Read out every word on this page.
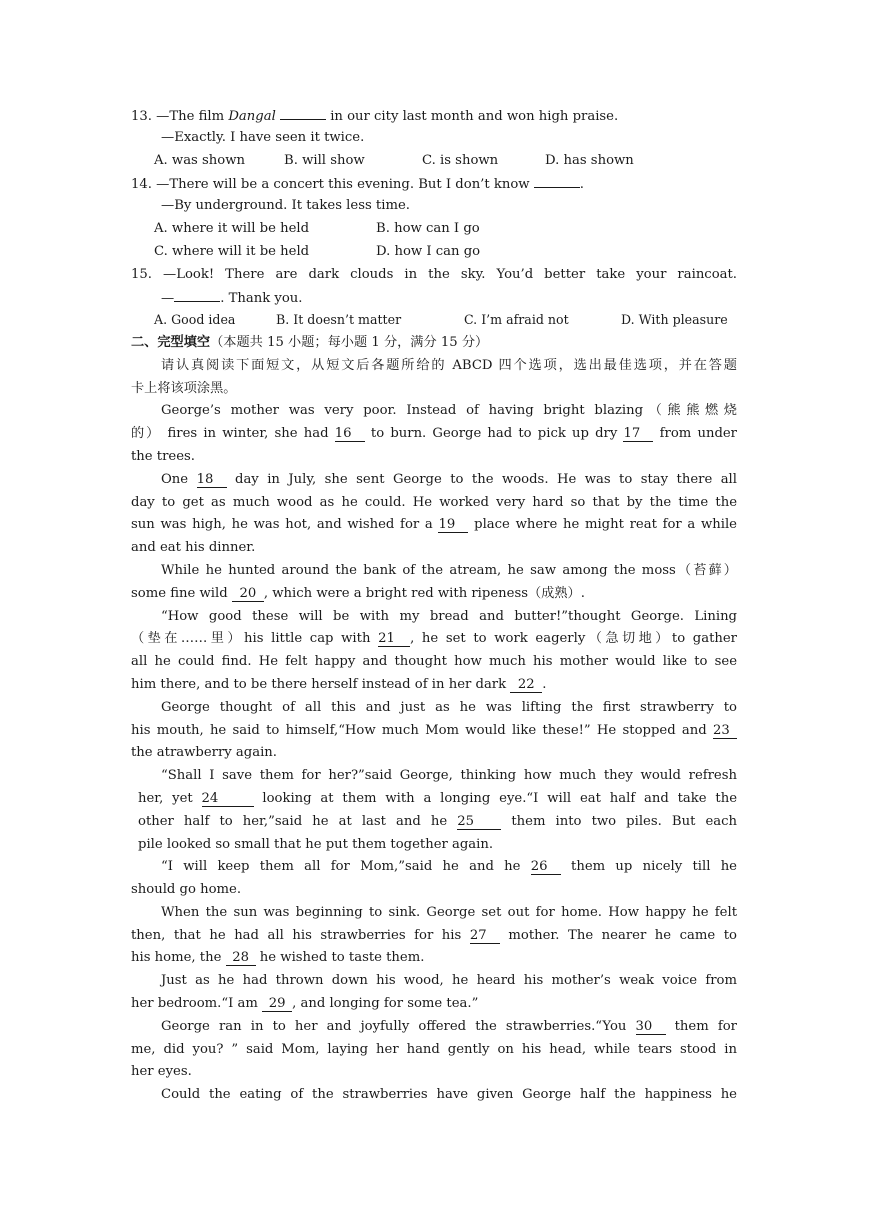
13. —The film Dangal	in our city last month and won high praise.
—Exactly. I have seen it twice.
A. was shown	B. will show	C. is shown	D. has shown
14. —There will be a concert this evening. But I don’t know	.
—By underground. It takes less time.
A. where it will be held	B. how can I go
C. where will it be held	D. how I can go
15. —Look! There are dark clouds in the sky. You’d better take your raincoat.
—	. Thank you.
A. Good idea	B. It doesn’t matter	C. I’m afraid not	D. With pleasure
二、完型填空（本题共 15 小题；每小题 1 分，满分 15 分）
请认真阅读下面短文，从短文后各题所给的 ABCD 四个选项，选出最佳选项，并在答题
卡上将该项涂黑。
George’s mother was very poor. Instead of having bright blazing（熊熊燃烧
的） fires in winter, she had 16 to burn. George had to pick up dry 17 from under
the trees.
One 18 day in July, she sent George to the woods. He was to stay there all
day to get as much wood as he could. He worked very hard so that by the time the
sun was high, he was hot, and wished for a 19 place where he might reat for a while
and eat his dinner.
While he hunted around the bank of the atream, he saw among the moss（苔藓）
some fine wild 20 , which were a bright red with ripeness（成熟）.
“How good these will be with my bread and butter!”thought George. Lining
（垫在……里）his little cap with 21 , he set to work eagerly（急切地）to gather
all he could find. He felt happy and thought how much his mother would like to see
him there, and to be there herself instead of in her dark 22 .
George thought of all this and just as he was lifting the first strawberry to
his mouth, he said to himself,“How much Mom would like these!” He stopped and 23
the atrawberry again.
“Shall I save them for her?”said George, thinking how much they would refresh
her, yet 24	looking at them with a longing eye.“I will eat half and take the
other half to her,”said he at last and he 25 them into two piles. But each
pile looked so small that he put them together again.
“I will keep them all for Mom,”said he and he 26 them up nicely till he
should go home.
When the sun was beginning to sink. George set out for home. How happy he felt
then, that he had all his strawberries for his 27 mother. The nearer he came to
his home, the 28 he wished to taste them.
Just as he had thrown down his wood, he heard his mother’s weak voice from
her bedroom.“I am 29 , and longing for some tea.”
George ran in to her and joyfully offered the strawberries.“You 30 them for
me, did you? ” said Mom, laying her hand gently on his head, while tears stood in
her eyes.
Could the eating of the strawberries have given George half the happiness he
